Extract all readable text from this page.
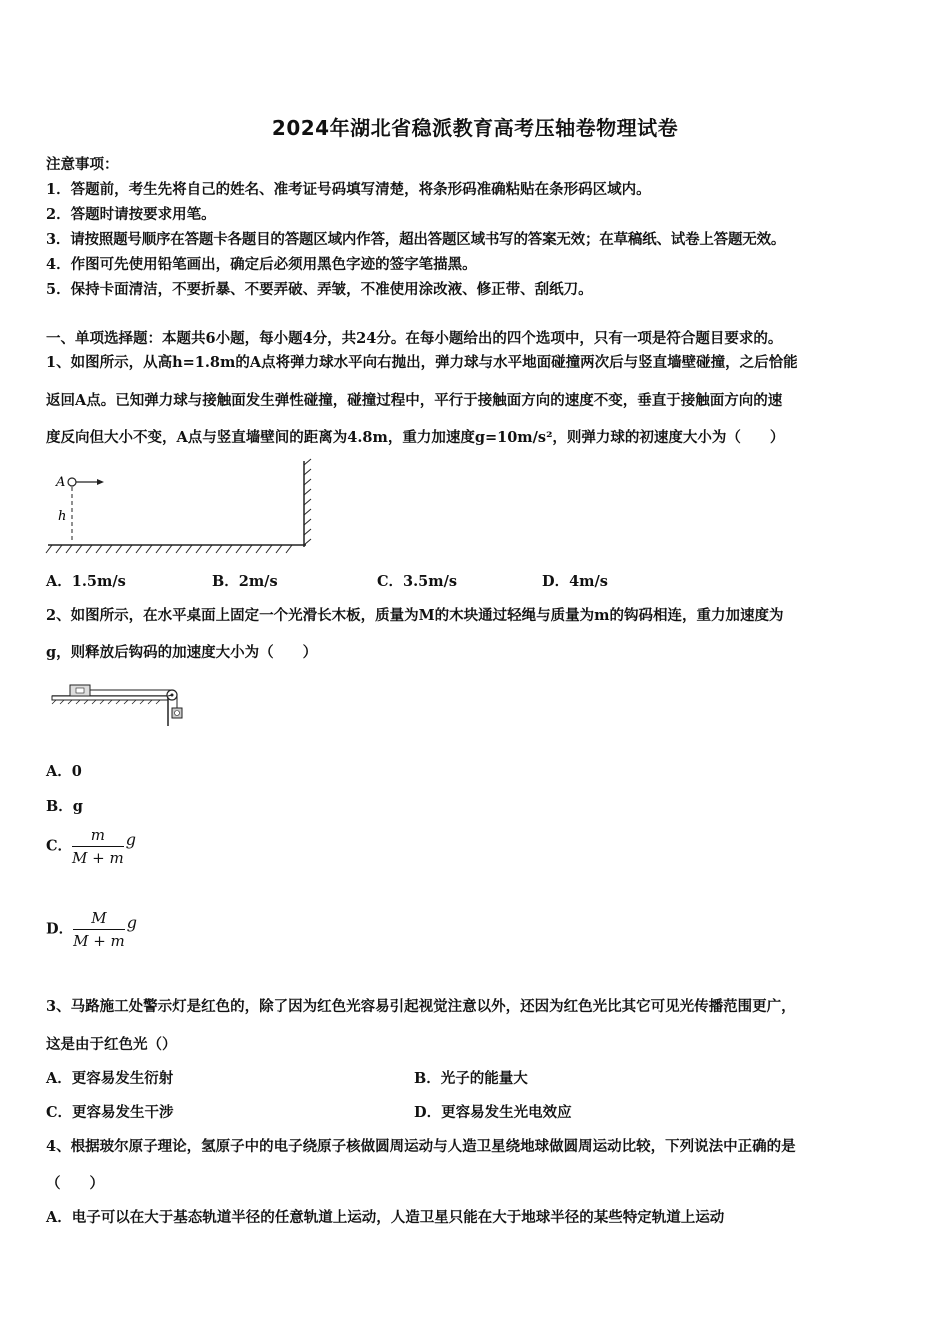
2024年湖北省稳派教育高考压轴卷物理试卷
注意事项：
1．答题前，考生先将自己的姓名、准考证号码填写清楚，将条形码准确粘贴在条形码区域内。
2．答题时请按要求用笔。
3．请按照题号顺序在答题卡各题目的答题区域内作答，超出答题区域书写的答案无效；在草稿纸、试卷上答题无效。
4．作图可先使用铅笔画出，确定后必须用黑色字迹的签字笔描黑。
5．保持卡面清洁，不要折暴、不要弄破、弄皱，不准使用涂改液、修正带、刮纸刀。
一、单项选择题：本题共6小题，每小题4分，共24分。在每小题给出的四个选项中，只有一项是符合题目要求的。
1、如图所示，从高h=1.8m的A点将弹力球水平向右抛出，弹力球与水平地面碰撞两次后与竖直墙壁碰撞，之后恰能
返回A点。已知弹力球与接触面发生弹性碰撞，碰撞过程中，平行于接触面方向的速度不变，垂直于接触面方向的速
度反向但大小不变，A点与竖直墙壁间的距离为4.8m，重力加速度g=10m/s²，则弹力球的初速度大小为（　　）
A
h
A．1.5m/s	B．2m/s	C．3.5m/s	D．4m/s
2、如图所示，在水平桌面上固定一个光滑长木板，质量为M的木块通过轻绳与质量为m的钩码相连，重力加速度为
g，则释放后钩码的加速度大小为（　　）
A．0
B．g
C． $\frac{m}{M + m}$ g
D． $\frac{M}{M + m}$ g
3、马路施工处警示灯是红色的，除了因为红色光容易引起视觉注意以外，还因为红色光比其它可见光传播范围更广，
这是由于红色光（）
A．更容易发生衍射	B．光子的能量大
C．更容易发生干涉	D．更容易发生光电效应
4、根据玻尔原子理论，氢原子中的电子绕原子核做圆周运动与人造卫星绕地球做圆周运动比较，下列说法中正确的是
（　　）
A．电子可以在大于基态轨道半径的任意轨道上运动，人造卫星只能在大于地球半径的某些特定轨道上运动
